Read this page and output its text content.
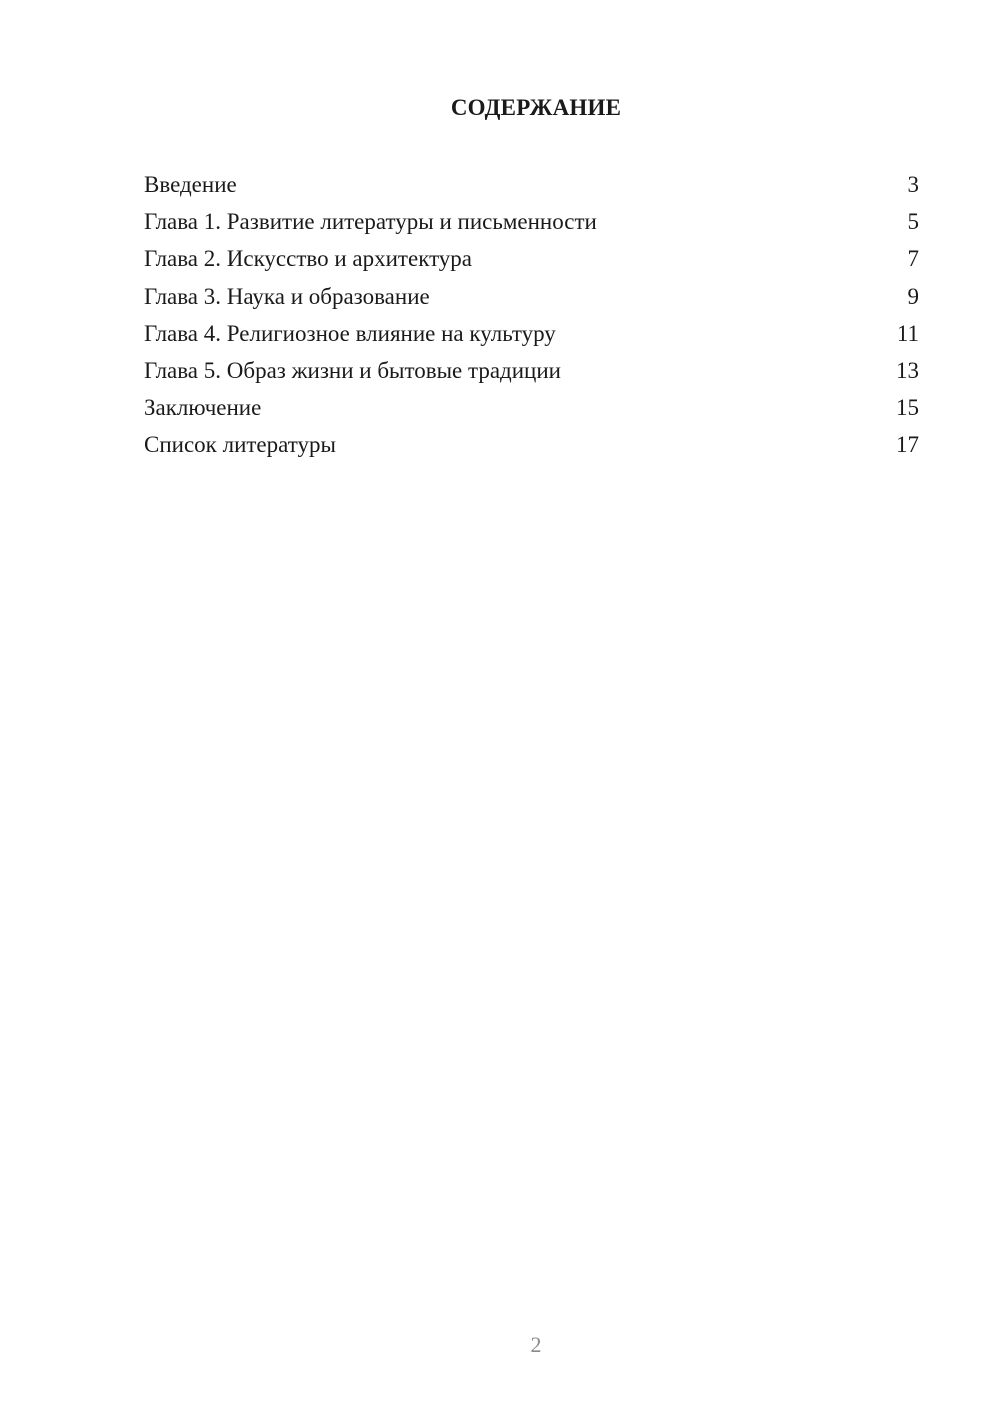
СОДЕРЖАНИЕ
Введение	3
Глава 1. Развитие литературы и письменности	5
Глава 2. Искусство и архитектура	7
Глава 3. Наука и образование	9
Глава 4. Религиозное влияние на культуру	11
Глава 5. Образ жизни и бытовые традиции	13
Заключение	15
Список литературы	17
2
